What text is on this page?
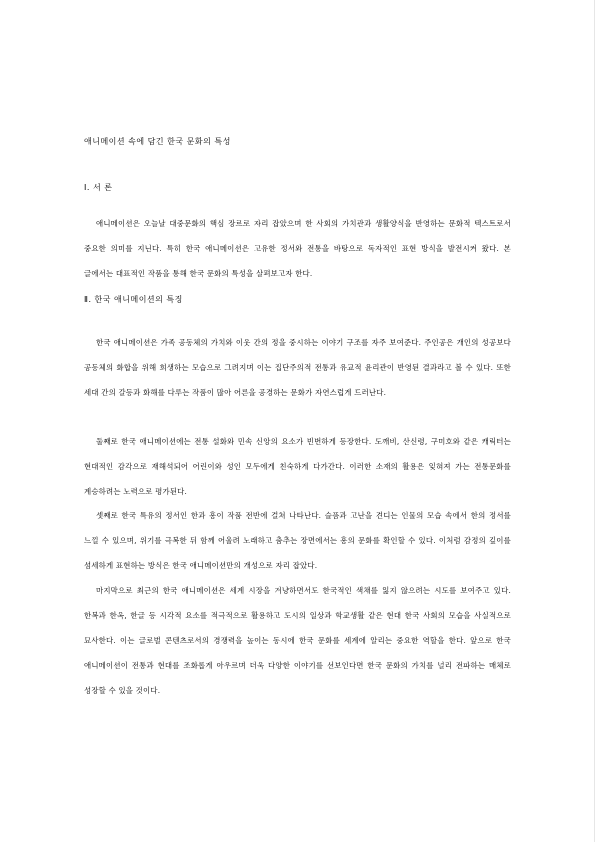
애니메이션 속에 담긴 한국 문화의 특성
Ⅰ. 서 론

애니메이션은 오늘날 대중문화의 핵심 장르로 자리 잡았으며 한 사회의 가치관과 생활양식을 반영하는 문화적 텍스트로서 중요한 의미를 지닌다. 특히 한국 애니메이션은 고유한 정서와 전통을 바탕으로 독자적인 표현 방식을 발전시켜 왔다. 본 글에서는 대표적인 작품을 통해 한국 문화의 특성을 살펴보고자 한다.

Ⅱ. 한국 애니메이션의 특징

한국 애니메이션은 가족 공동체의 가치와 이웃 간의 정을 중시하는 이야기 구조를 자주 보여준다. 주인공은 개인의 성공보다 공동체의 화합을 위해 희생하는 모습으로 그려지며 이는 집단주의적 전통과 유교적 윤리관이 반영된 결과라고 볼 수 있다. 또한 세대 간의 갈등과 화해를 다루는 작품이 많아 어른을 공경하는 문화가 자연스럽게 드러난다.

둘째로 한국 애니메이션에는 전통 설화와 민속 신앙의 요소가 빈번하게 등장한다. 도깨비, 산신령, 구미호와 같은 캐릭터는 현대적인 감각으로 재해석되어 어린이와 성인 모두에게 친숙하게 다가간다. 이러한 소재의 활용은 잊혀져 가는 전통문화를 계승하려는 노력으로 평가된다.

셋째로 한국 특유의 정서인 한과 흥이 작품 전반에 걸쳐 나타난다. 슬픔과 고난을 견디는 인물의 모습 속에서 한의 정서를 느낄 수 있으며, 위기를 극복한 뒤 함께 어울려 노래하고 춤추는 장면에서는 흥의 문화를 확인할 수 있다. 이처럼 감정의 깊이를 섬세하게 표현하는 방식은 한국 애니메이션만의 개성으로 자리 잡았다.

마지막으로 최근의 한국 애니메이션은 세계 시장을 겨냥하면서도 한국적인 색채를 잃지 않으려는 시도를 보여주고 있다. 한복과 한옥, 한글 등 시각적 요소를 적극적으로 활용하고 도시의 일상과 학교생활 같은 현대 한국 사회의 모습을 사실적으로 묘사한다. 이는 글로벌 콘텐츠로서의 경쟁력을 높이는 동시에 한국 문화를 세계에 알리는 중요한 역할을 한다. 앞으로 한국 애니메이션이 전통과 현대를 조화롭게 아우르며 더욱 다양한 이야기를 선보인다면 한국 문화의 가치를 널리 전파하는 매체로 성장할 수 있을 것이다.
